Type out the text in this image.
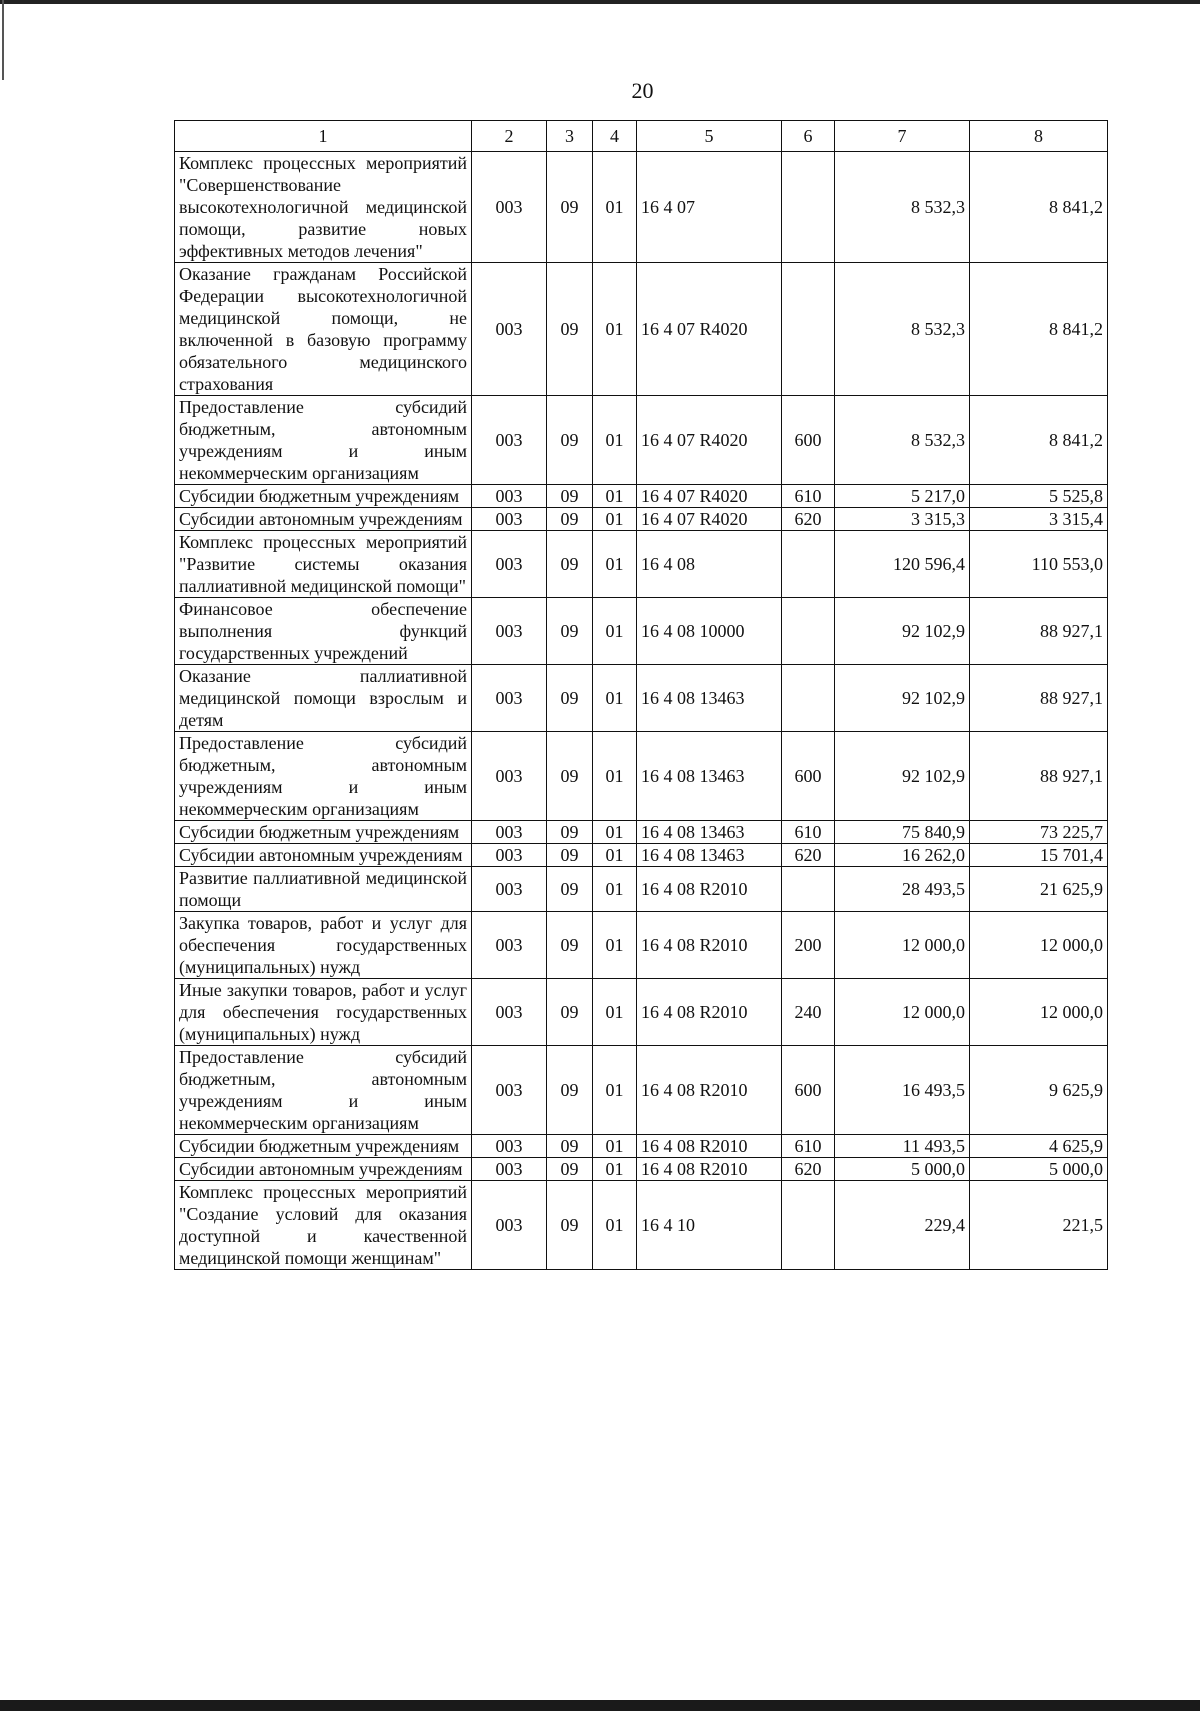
20
1	2	3	4	5	6	7	8
Комплекс процессных мероприятий "Совершенствование высокотехнологичной медицинской помощи, развитие новых эффективных методов лечения"	003	09	01	16 4 07		8 532,3	8 841,2
Оказание гражданам Российской Федерации высокотехнологичной медицинской помощи, не включенной в базовую программу обязательного медицинского страхования	003	09	01	16 4 07 R4020		8 532,3	8 841,2
Предоставление субсидий бюджетным, автономным учреждениям и иным некоммерческим организациям	003	09	01	16 4 07 R4020	600	8 532,3	8 841,2
Субсидии бюджетным учреждениям	003	09	01	16 4 07 R4020	610	5 217,0	5 525,8
Субсидии автономным учреждениям	003	09	01	16 4 07 R4020	620	3 315,3	3 315,4
Комплекс процессных мероприятий "Развитие системы оказания паллиативной медицинской помощи"	003	09	01	16 4 08		120 596,4	110 553,0
Финансовое обеспечение выполнения функций государственных учреждений	003	09	01	16 4 08 10000		92 102,9	88 927,1
Оказание паллиативной медицинской помощи взрослым и детям	003	09	01	16 4 08 13463		92 102,9	88 927,1
Предоставление субсидий бюджетным, автономным учреждениям и иным некоммерческим организациям	003	09	01	16 4 08 13463	600	92 102,9	88 927,1
Субсидии бюджетным учреждениям	003	09	01	16 4 08 13463	610	75 840,9	73 225,7
Субсидии автономным учреждениям	003	09	01	16 4 08 13463	620	16 262,0	15 701,4
Развитие паллиативной медицинской помощи	003	09	01	16 4 08 R2010		28 493,5	21 625,9
Закупка товаров, работ и услуг для обеспечения государственных (муниципальных) нужд	003	09	01	16 4 08 R2010	200	12 000,0	12 000,0
Иные закупки товаров, работ и услуг для обеспечения государственных (муниципальных) нужд	003	09	01	16 4 08 R2010	240	12 000,0	12 000,0
Предоставление субсидий бюджетным, автономным учреждениям и иным некоммерческим организациям	003	09	01	16 4 08 R2010	600	16 493,5	9 625,9
Субсидии бюджетным учреждениям	003	09	01	16 4 08 R2010	610	11 493,5	4 625,9
Субсидии автономным учреждениям	003	09	01	16 4 08 R2010	620	5 000,0	5 000,0
Комплекс процессных мероприятий "Создание условий для оказания доступной и качественной медицинской помощи женщинам"	003	09	01	16 4 10		229,4	221,5
